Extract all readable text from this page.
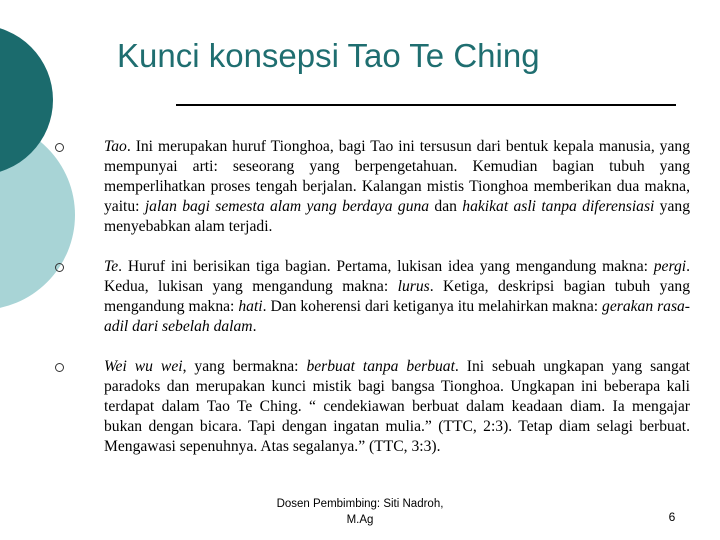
Kunci konsepsi Tao Te Ching

Tao. Ini merupakan huruf Tionghoa, bagi Tao ini tersusun dari bentuk kepala manusia, yang mempunyai arti: seseorang yang berpengetahuan. Kemudian bagian tubuh yang memperlihatkan proses tengah berjalan. Kalangan mistis Tionghoa memberikan dua makna, yaitu: jalan bagi semesta alam yang berdaya guna dan hakikat asli tanpa diferensiasi yang menyebabkan alam terjadi.

Te. Huruf ini berisikan tiga bagian. Pertama, lukisan idea yang mengandung makna: pergi. Kedua, lukisan yang mengandung makna: lurus. Ketiga, deskripsi bagian tubuh yang mengandung makna: hati. Dan koherensi dari ketiganya itu melahirkan makna: gerakan rasa-adil dari sebelah dalam.

Wei wu wei, yang bermakna: berbuat tanpa berbuat. Ini sebuah ungkapan yang sangat paradoks dan merupakan kunci mistik bagi bangsa Tionghoa. Ungkapan ini beberapa kali terdapat dalam Tao Te Ching. “ cendekiawan berbuat dalam keadaan diam. Ia mengajar bukan dengan bicara. Tapi dengan ingatan mulia.” (TTC, 2:3). Tetap diam selagi berbuat. Mengawasi sepenuhnya. Atas segalanya.” (TTC, 3:3).

Dosen Pembimbing: Siti Nadroh,
M.Ag	6
